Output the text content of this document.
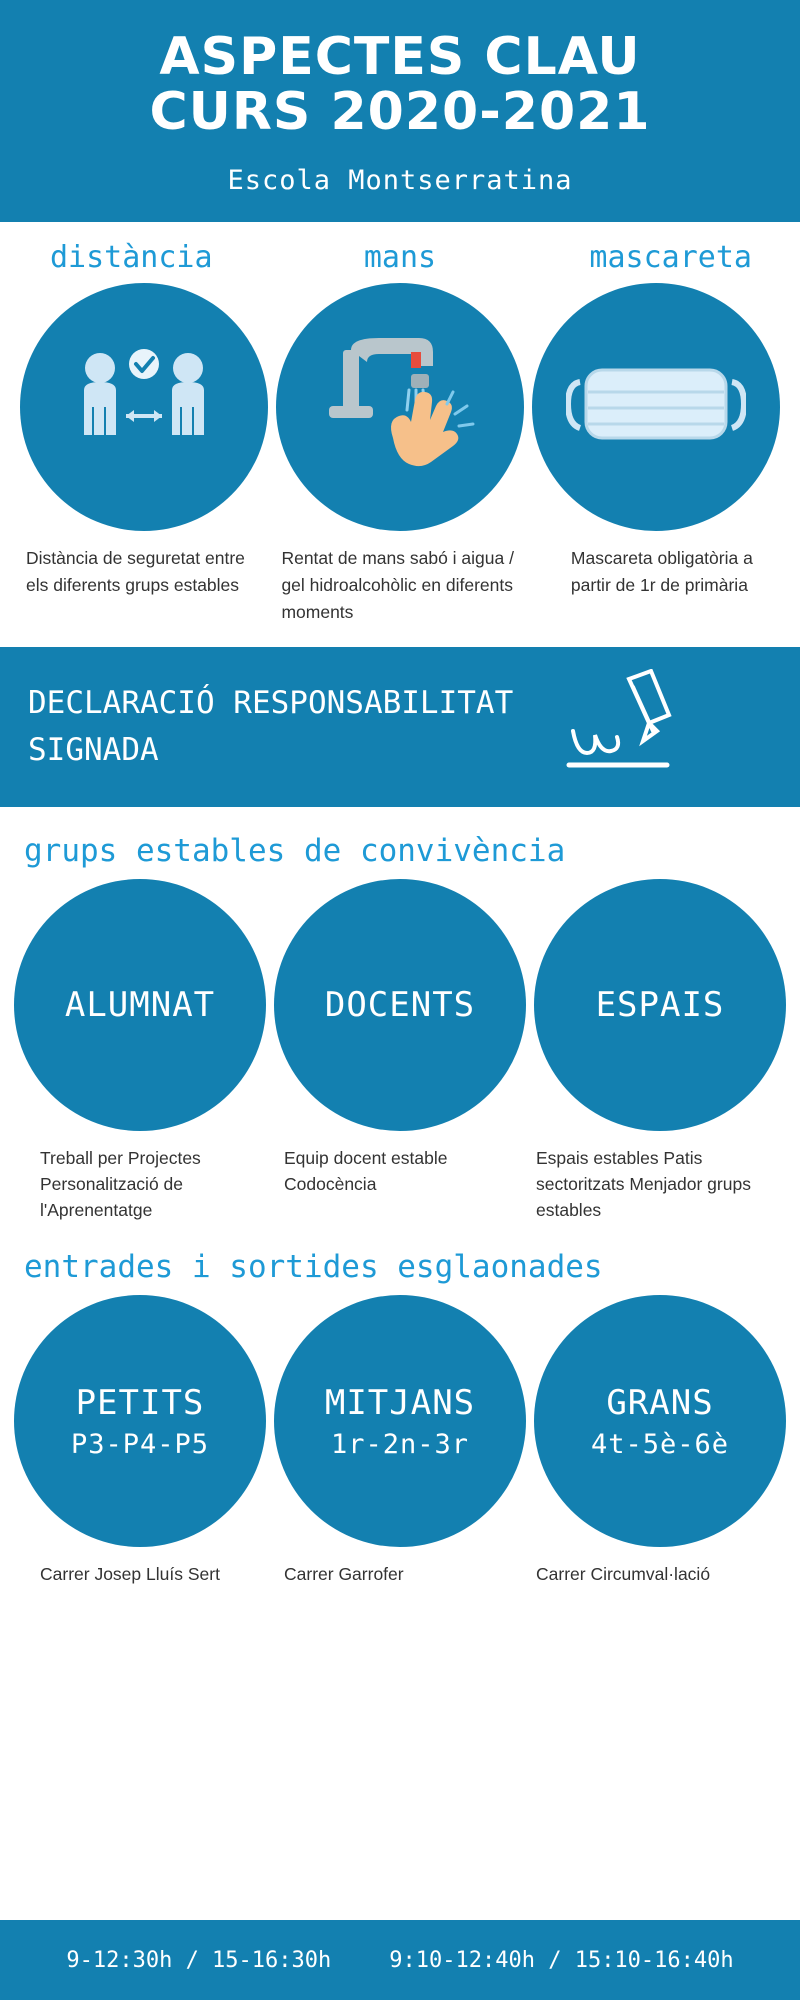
ASPECTES CLAU
CURS 2020-2021
Escola Montserratina
distància
Distància de seguretat entre els diferents grups estables
mans
Rentat de mans sabó i aigua / gel hidroalcohòlic en diferents moments
mascareta
Mascareta obligatòria a partir de 1r de primària
DECLARACIÓ RESPONSABILITAT SIGNADA
grups estables de convivència
ALUMNAT
Treball per Projectes Personalització de l'Aprenentatge
DOCENTS
Equip docent estable Codocència
ESPAIS
Espais estables Patis sectoritzats Menjador grups estables
entrades i sortides esglaonades
PETITS
P3-P4-P5
Carrer Josep Lluís Sert
MITJANS
1r-2n-3r
Carrer Garrofer
GRANS
4t-5è-6è
Carrer Circumval·lació
9-12:30h / 15-16:30h	9:10-12:40h / 15:10-16:40h
